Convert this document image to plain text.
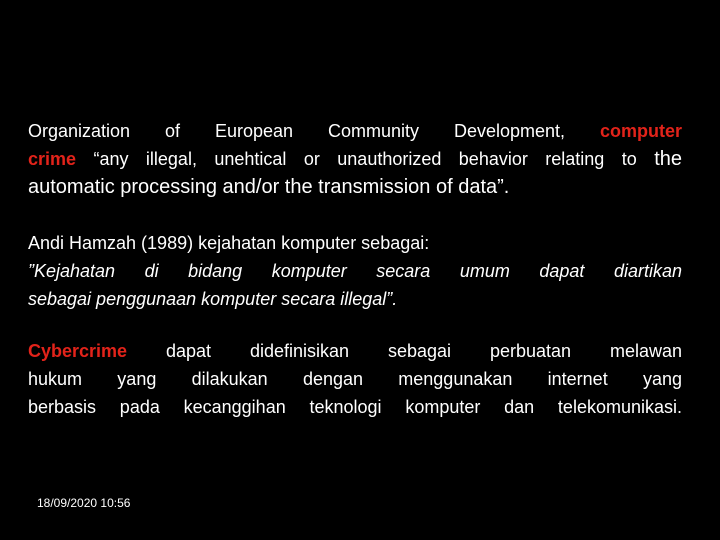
Organization of European Community Development, computer
crime “any illegal, unehtical or unauthorized behavior relating to the
automatic processing and/or the transmission of data”.
Andi Hamzah (1989) kejahatan komputer sebagai:
”Kejahatan di bidang komputer secara umum dapat diartikan
sebagai penggunaan komputer secara illegal”.
Cybercrime dapat didefinisikan sebagai perbuatan melawan
hukum yang dilakukan dengan menggunakan internet yang
berbasis pada kecanggihan teknologi komputer dan telekomunikasi.
18/09/2020 10:56
